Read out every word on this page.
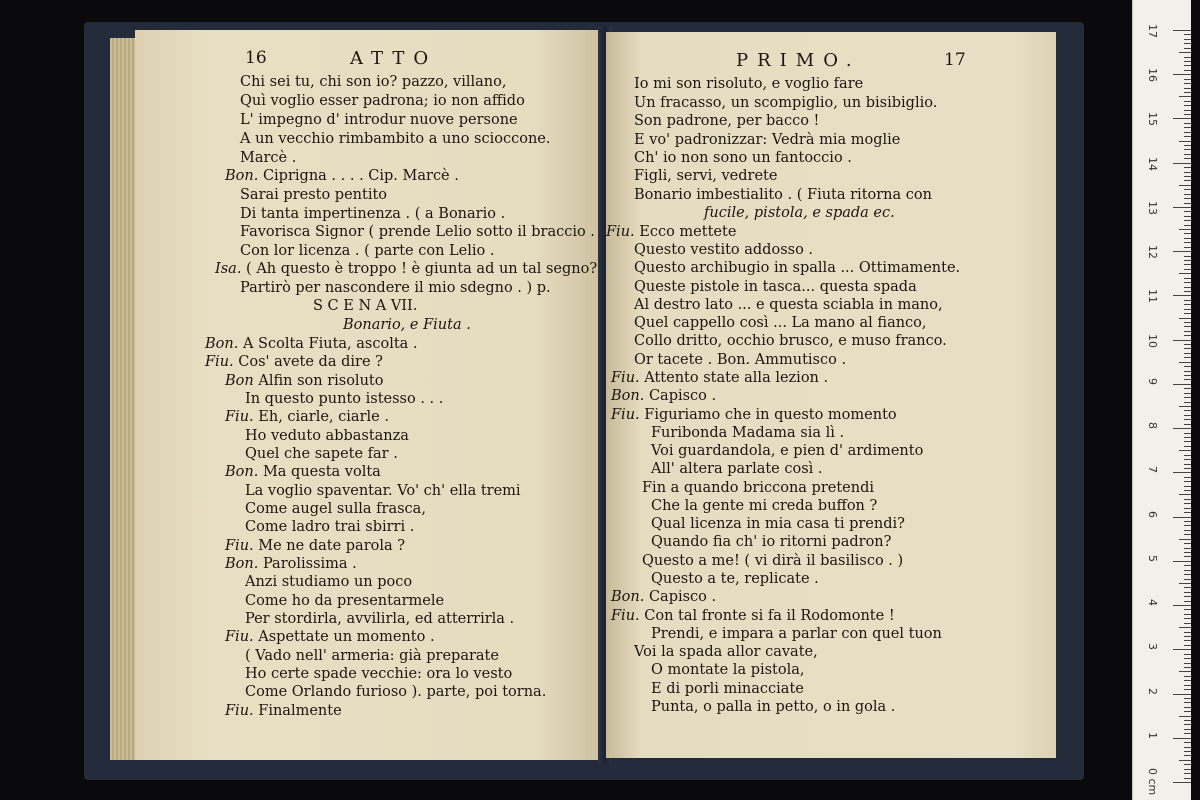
16	ATTO
Chi sei tu, chi son io? pazzo, villano,
Quì voglio esser padrona; io non affido
L' impegno d' introdur nuove persone
A un vecchio rimbambito a uno scioccone.
Marcè .
Bon. Ciprigna . . . . Cip. Marcè .
Sarai presto pentito
Di tanta impertinenza . ( a Bonario .
Favorisca Signor ( prende Lelio sotto il braccio .
Con lor licenza . ( parte con Lelio .
Isa. ( Ah questo è troppo ! è giunta ad un tal segno?
Partirò per nascondere il mio sdegno . ) p.
S C E N A VII.
Bonario, e Fiuta .
Bon. A Scolta Fiuta, ascolta .
Fiu. Cos' avete da dire ?
Bon Alfin son risoluto
In questo punto istesso . . .
Fiu. Eh, ciarle, ciarle .
Ho veduto abbastanza
Quel che sapete far .
Bon. Ma questa volta
La voglio spaventar. Vo' ch' ella tremi
Come augel sulla frasca,
Come ladro trai sbirri .
Fiu. Me ne date parola ?
Bon. Parolissima .
Anzi studiamo un poco
Come ho da presentarmele
Per stordirla, avvilirla, ed atterrirla .
Fiu. Aspettate un momento .
( Vado nell' armeria: già preparate
Ho certe spade vecchie: ora lo vesto
Come Orlando furioso ). parte, poi torna.
Fiu. Finalmente
PRIMO.	17
Io mi son risoluto, e voglio fare
Un fracasso, un scompiglio, un bisibiglio.
Son padrone, per bacco !
E vo' padronizzar: Vedrà mia moglie
Ch' io non sono un fantoccio .
Figli, servi, vedrete
Bonario imbestialito . ( Fiuta ritorna con
fucile, pistola, e spada ec.
Fiu. Ecco mettete
Questo vestito addosso .
Questo archibugio in spalla ... Ottimamente.
Queste pistole in tasca... questa spada
Al destro lato ... e questa sciabla in mano,
Quel cappello così ... La mano al fianco,
Collo dritto, occhio brusco, e muso franco.
Or tacete . Bon. Ammutisco .
Fiu. Attento state alla lezion .
Bon. Capisco .
Fiu. Figuriamo che in questo momento
Furibonda Madama sia lì .
Voi guardandola, e pien d' ardimento
All' altera parlate così .
Fin a quando briccona pretendi
Che la gente mi creda buffon ?
Qual licenza in mia casa ti prendi?
Quando fia ch' io ritorni padron?
Questo a me! ( vi dirà il basilisco . )
Questo a te, replicate .
Bon. Capisco .
Fiu. Con tal fronte si fa il Rodomonte !
Prendi, e impara a parlar con quel tuon
Voi la spada allor cavate,
O montate la pistola,
E di porli minacciate
Punta, o palla in petto, o in gola .
0 cm
1
2
3
4
5
6
7
8
9
10
11
12
13
14
15
16
17
